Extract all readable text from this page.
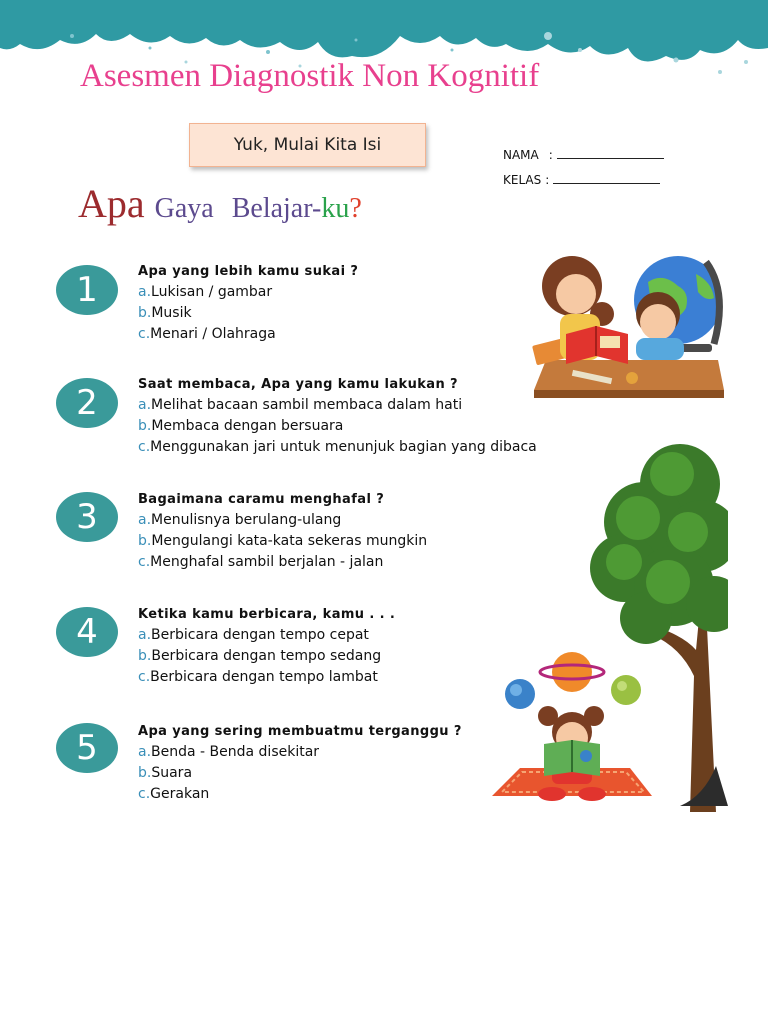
Asesmen Diagnostik Non Kognitif
Yuk, Mulai Kita Isi	NAMA :
KELAS :
Apa Gaya Belajar-ku?
1	Apa yang lebih kamu sukai ?
a.Lukisan / gambar
b.Musik
c.Menari / Olahraga
2	Saat membaca, Apa yang kamu lakukan ?
a.Melihat bacaan sambil membaca dalam hati
b.Membaca dengan bersuara
c.Menggunakan jari untuk menunjuk bagian yang dibaca
3	Bagaimana caramu menghafal ?
a.Menulisnya berulang-ulang
b.Mengulangi kata-kata sekeras mungkin
c.Menghafal sambil berjalan - jalan
4	Ketika kamu berbicara, kamu . . .
a.Berbicara dengan tempo cepat
b.Berbicara dengan tempo sedang
c.Berbicara dengan tempo lambat
5	Apa yang sering membuatmu terganggu ?
a.Benda - Benda disekitar
b.Suara
c.Gerakan
